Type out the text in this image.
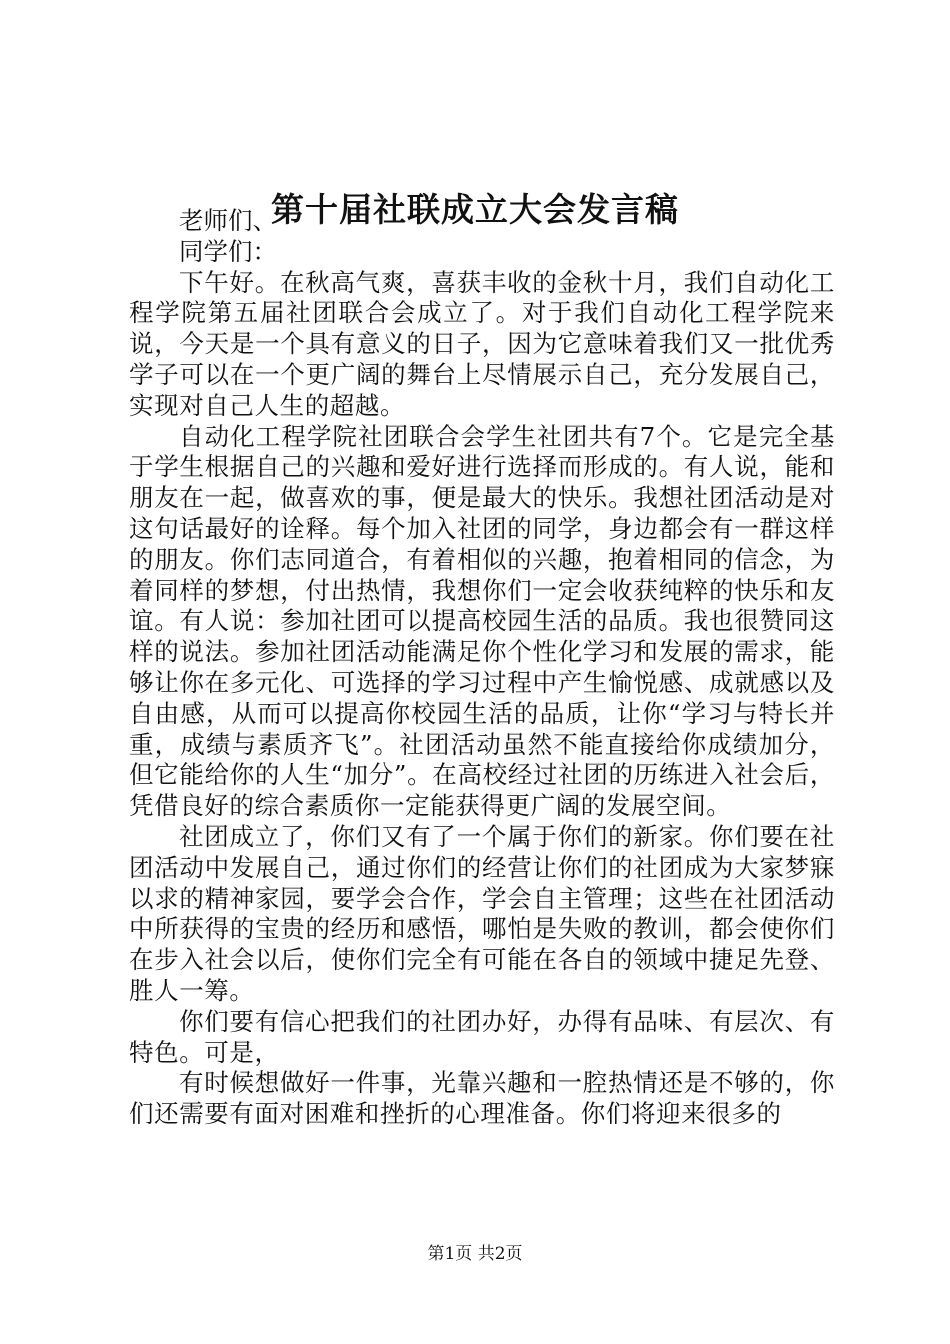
第十届社联成立大会发言稿

老师们、

同学们：

下午好。在秋高气爽，喜获丰收的金秋十月，我们自动化工程学院第五届社团联合会成立了。对于我们自动化工程学院来说，今天是一个具有意义的日子，因为它意味着我们又一批优秀学子可以在一个更广阔的舞台上尽情展示自己，充分发展自己，实现对自己人生的超越。

自动化工程学院社团联合会学生社团共有7个。它是完全基于学生根据自己的兴趣和爱好进行选择而形成的。有人说，能和朋友在一起，做喜欢的事，便是最大的快乐。我想社团活动是对这句话最好的诠释。每个加入社团的同学，身边都会有一群这样的朋友。你们志同道合，有着相似的兴趣，抱着相同的信念，为着同样的梦想，付出热情，我想你们一定会收获纯粹的快乐和友谊。有人说：参加社团可以提高校园生活的品质。我也很赞同这样的说法。参加社团活动能满足你个性化学习和发展的需求，能够让你在多元化、可选择的学习过程中产生愉悦感、成就感以及自由感，从而可以提高你校园生活的品质，让你“学习与特长并重，成绩与素质齐飞”。社团活动虽然不能直接给你成绩加分，但它能给你的人生“加分”。在高校经过社团的历练进入社会后，凭借良好的综合素质你一定能获得更广阔的发展空间。

社团成立了，你们又有了一个属于你们的新家。你们要在社团活动中发展自己，通过你们的经营让你们的社团成为大家梦寐以求的精神家园，要学会合作，学会自主管理；这些在社团活动中所获得的宝贵的经历和感悟，哪怕是失败的教训，都会使你们在步入社会以后，使你们完全有可能在各自的领域中捷足先登、胜人一筹。

你们要有信心把我们的社团办好，办得有品味、有层次、有特色。可是，

有时候想做好一件事，光靠兴趣和一腔热情还是不够的，你们还需要有面对困难和挫折的心理准备。你们将迎来很多的

第1页 共2页
